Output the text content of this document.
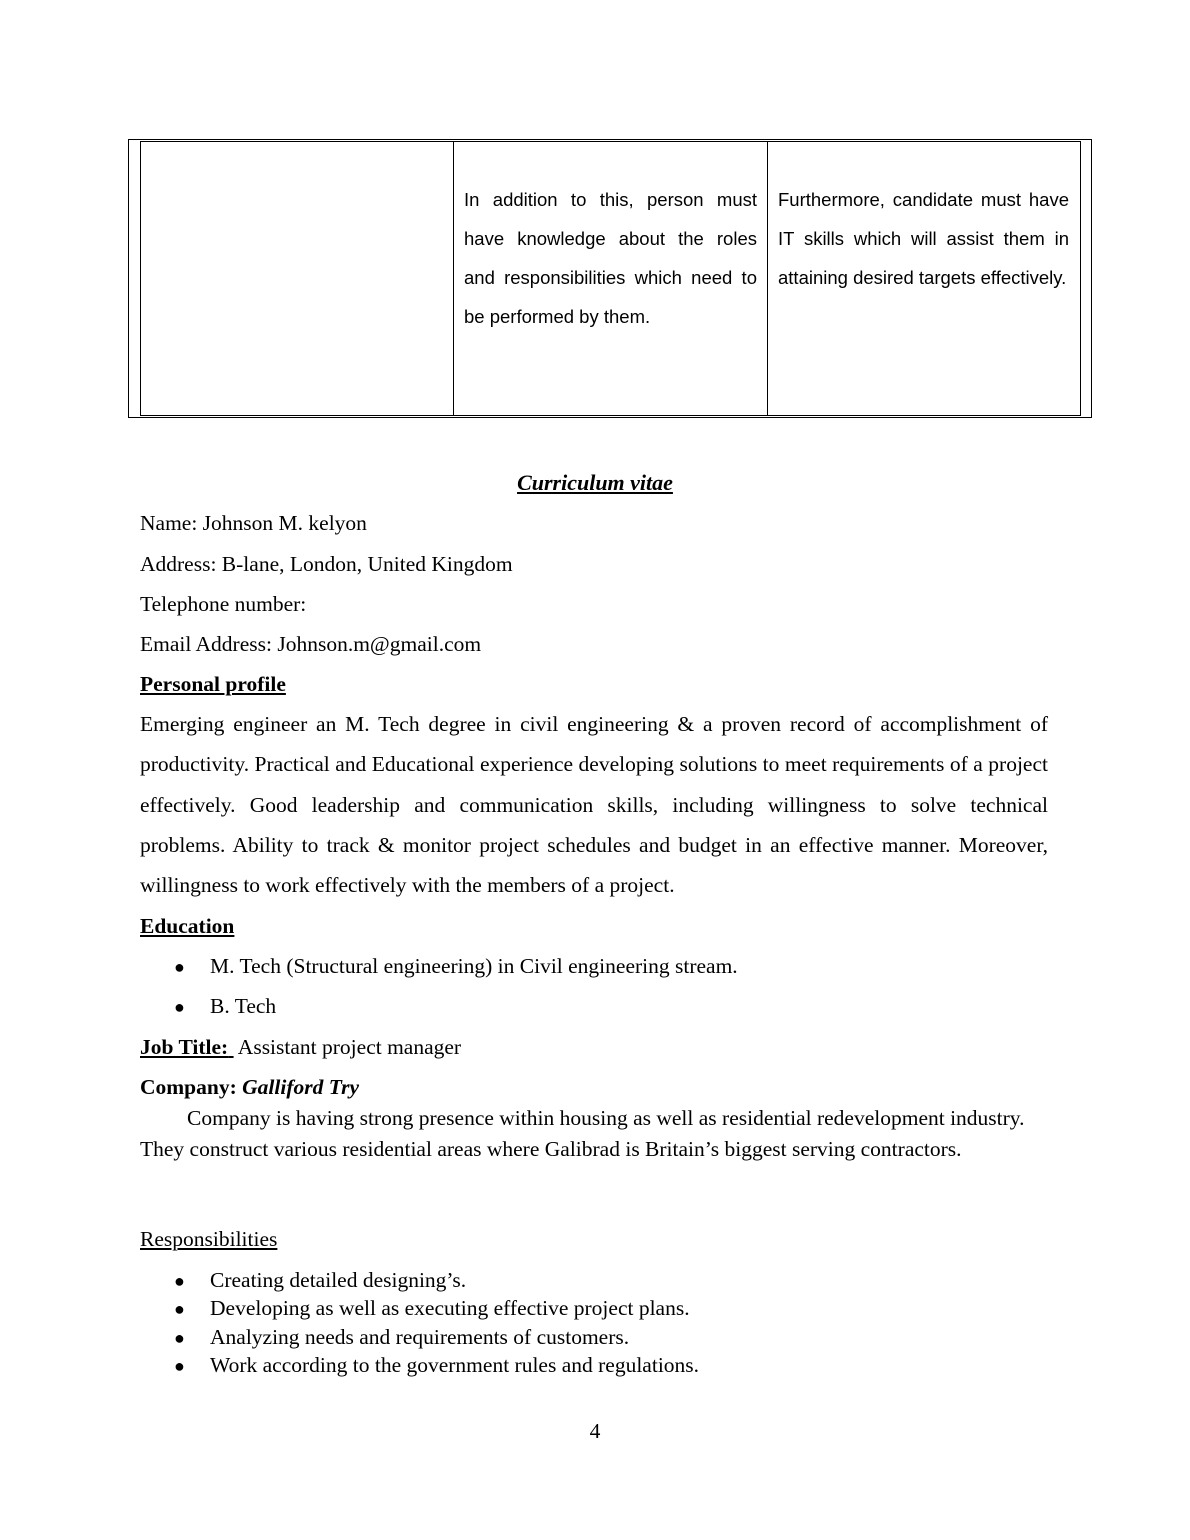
In addition to this, person must have knowledge about the roles and responsibilities which need to be performed by them.
Furthermore, candidate must have IT skills which will assist them in attaining desired targets effectively.
Curriculum vitae
Name: Johnson M. kelyon
Address: B-lane, London, United Kingdom
Telephone number:
Email Address: Johnson.m@gmail.com
Personal profile
Emerging engineer an M. Tech degree in civil engineering & a proven record of accomplishment of productivity. Practical and Educational experience developing solutions to meet requirements of a project effectively. Good leadership and communication skills, including willingness to solve technical problems. Ability to track & monitor project schedules and budget in an effective manner. Moreover, willingness to work effectively with the members of a project.
Education
● M. Tech (Structural engineering) in Civil engineering stream.
● B. Tech
Job Title: Assistant project manager
Company: Galliford Try
Company is having strong presence within housing as well as residential redevelopment industry. They construct various residential areas where Galibrad is Britain’s biggest serving contractors.
Responsibilities
● Creating detailed designing’s.
● Developing as well as executing effective project plans.
● Analyzing needs and requirements of customers.
● Work according to the government rules and regulations.
4
